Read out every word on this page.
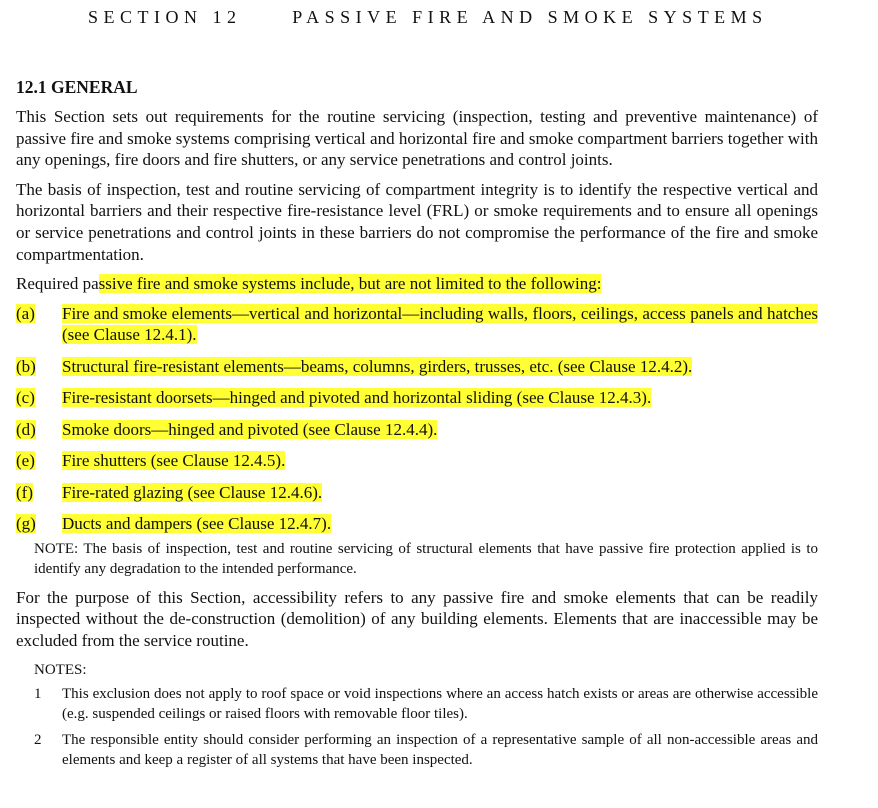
SECTION 12	PASSIVE FIRE AND SMOKE SYSTEMS
12.1 GENERAL

This Section sets out requirements for the routine servicing (inspection, testing and preventive maintenance) of passive fire and smoke systems comprising vertical and horizontal fire and smoke compartment barriers together with any openings, fire doors and fire shutters, or any service penetrations and control joints.

The basis of inspection, test and routine servicing of compartment integrity is to identify the respective vertical and horizontal barriers and their respective fire-resistance level (FRL) or smoke requirements and to ensure all openings or service penetrations and control joints in these barriers do not compromise the performance of the fire and smoke compartmentation.

Required passive fire and smoke systems include, but are not limited to the following:

(a)	Fire and smoke elements—vertical and horizontal—including walls, floors, ceilings, access panels and hatches (see Clause 12.4.1).
(b)	Structural fire-resistant elements—beams, columns, girders, trusses, etc. (see Clause 12.4.2).
(c)	Fire-resistant doorsets—hinged and pivoted and horizontal sliding (see Clause 12.4.3).
(d)	Smoke doors—hinged and pivoted (see Clause 12.4.4).
(e)	Fire shutters (see Clause 12.4.5).
(f)	Fire-rated glazing (see Clause 12.4.6).
(g)	Ducts and dampers (see Clause 12.4.7).
NOTE: The basis of inspection, test and routine servicing of structural elements that have passive fire protection applied is to identify any degradation to the intended performance.

For the purpose of this Section, accessibility refers to any passive fire and smoke elements that can be readily inspected without the de-construction (demolition) of any building elements. Elements that are inaccessible may be excluded from the service routine.

NOTES:
1	This exclusion does not apply to roof space or void inspections where an access hatch exists or areas are otherwise accessible (e.g. suspended ceilings or raised floors with removable floor tiles).
2	The responsible entity should consider performing an inspection of a representative sample of all non-accessible areas and elements and keep a register of all systems that have been inspected.
